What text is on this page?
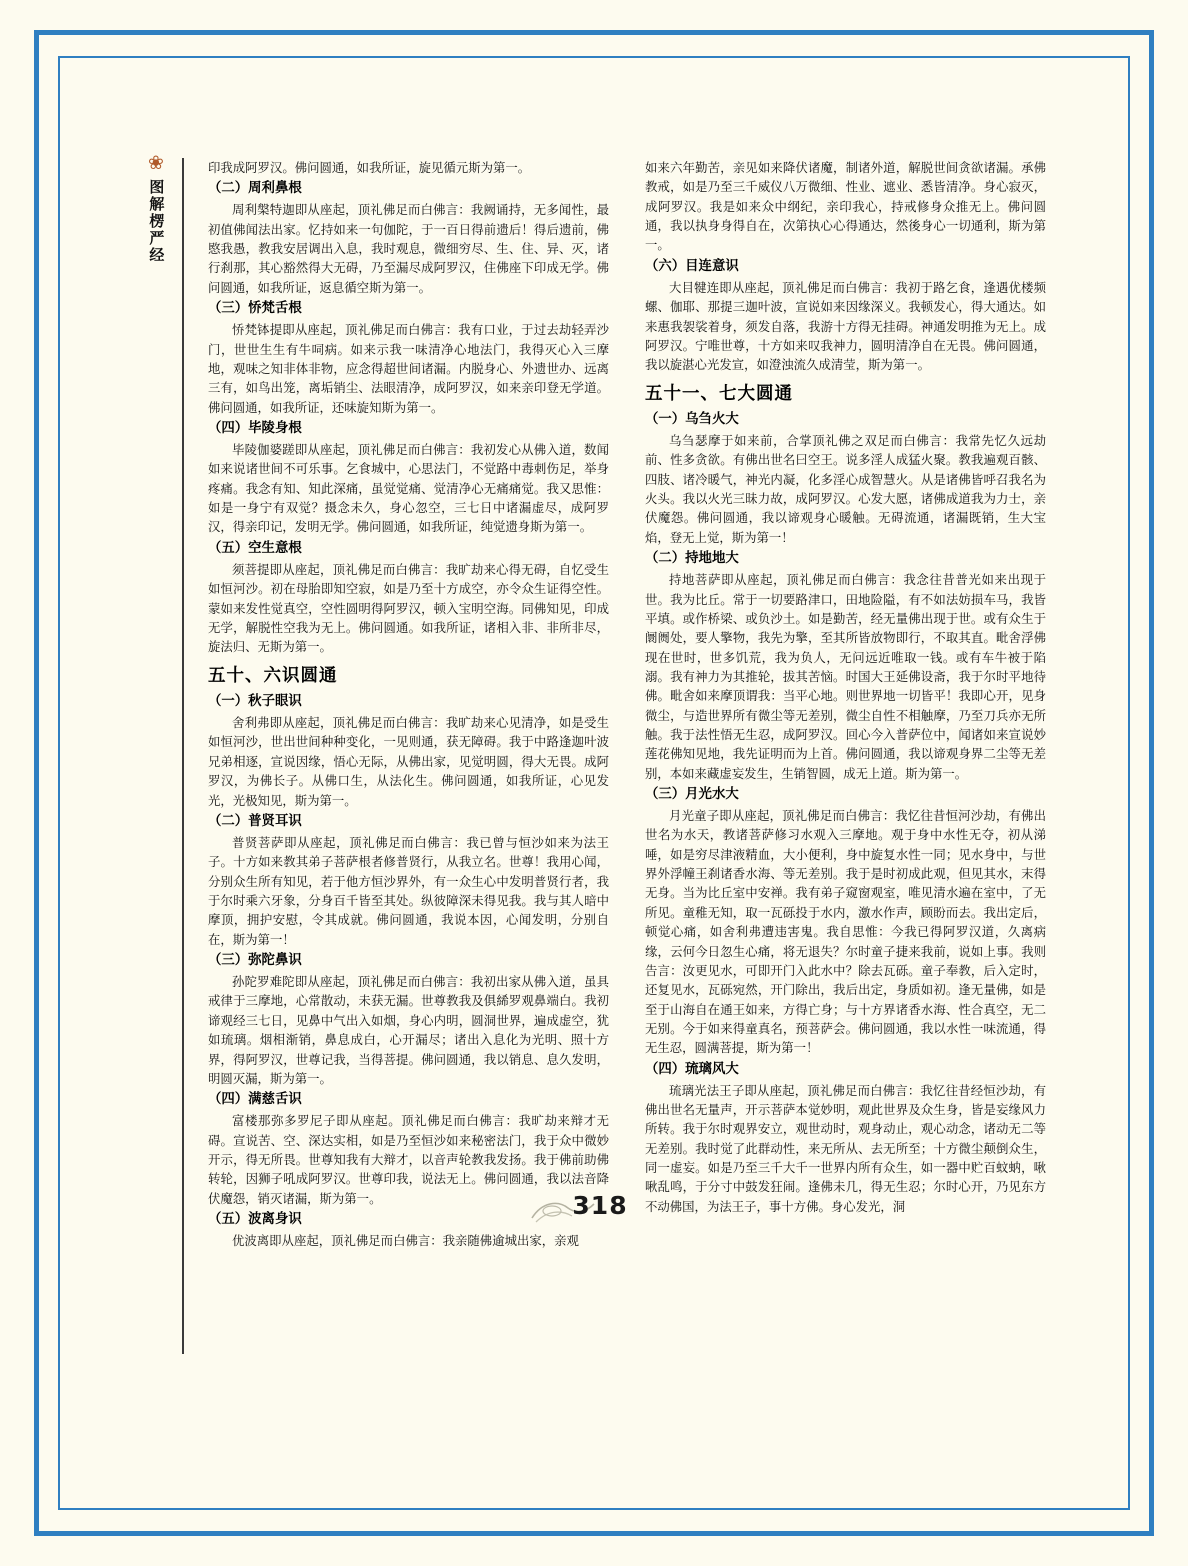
❀
图解楞严经

印我成阿罗汉。佛问圆通，如我所证，旋见循元斯为第一。

（二）周利鼻根

周利槃特迦即从座起，顶礼佛足而白佛言：我阙诵持，无多闻性，最初值佛闻法出家。忆持如来一句伽陀，于一百日得前遗后！得后遗前，佛愍我愚，教我安居调出入息，我时观息，微细穷尽、生、住、异、灭，诸行刹那，其心豁然得大无碍，乃至漏尽成阿罗汉，住佛座下印成无学。佛问圆通，如我所证，返息循空斯为第一。

（三）㤭梵舌根

㤭梵钵提即从座起，顶礼佛足而白佛言：我有口业，于过去劫轻弄沙门，世世生生有牛呞病。如来示我一味清净心地法门，我得灭心入三摩地，观味之知非体非物，应念得超世间诸漏。内脱身心、外遗世办、远离三有，如鸟出笼，离垢销尘、法眼清净，成阿罗汉，如来亲印登无学道。佛问圆通，如我所证，还味旋知斯为第一。

（四）毕陵身根

毕陵伽婆蹉即从座起，顶礼佛足而白佛言：我初发心从佛入道，数闻如来说诸世间不可乐事。乞食城中，心思法门，不觉路中毒刺伤足，举身疼痛。我念有知、知此深痛，虽觉觉痛、觉清净心无痛痛觉。我又思惟：如是一身宁有双觉？摄念未久，身心忽空，三七日中诸漏虚尽，成阿罗汉，得亲印记，发明无学。佛问圆通，如我所证，纯觉遗身斯为第一。

（五）空生意根

须菩提即从座起，顶礼佛足而白佛言：我旷劫来心得无碍，自忆受生如恒河沙。初在母胎即知空寂，如是乃至十方成空，亦令众生证得空性。蒙如来发性觉真空，空性圆明得阿罗汉，顿入宝明空海。同佛知见，印成无学，解脱性空我为无上。佛问圆通。如我所证，诸相入非、非所非尽，旋法归、无斯为第一。

五十、六识圆通
（一）秋子眼识

舍利弗即从座起，顶礼佛足而白佛言：我旷劫来心见清净，如是受生如恒河沙，世出世间种种变化，一见则通，获无障碍。我于中路逢迦叶波兄弟相逐，宣说因缘，悟心无际，从佛出家，见觉明圆，得大无畏。成阿罗汉，为佛长子。从佛口生，从法化生。佛问圆通，如我所证，心见发光，光极知见，斯为第一。

（二）普贤耳识

普贤菩萨即从座起，顶礼佛足而白佛言：我已曾与恒沙如来为法王子。十方如来教其弟子菩萨根者修普贤行，从我立名。世尊！我用心闻，分别众生所有知见，若于他方恒沙界外，有一众生心中发明普贤行者，我于尔时乘六牙象，分身百千皆至其处。纵彼障深未得见我。我与其人暗中摩顶，拥护安慰，令其成就。佛问圆通，我说本因，心闻发明，分别自在，斯为第一！

（三）弥陀鼻识

孙陀罗难陀即从座起，顶礼佛足而白佛言：我初出家从佛入道，虽具戒律于三摩地，心常散动，未获无漏。世尊教我及俱絺罗观鼻端白。我初谛观经三七日，见鼻中气出入如烟，身心内明，圆洞世界，遍成虚空，犹如琉璃。烟相渐销，鼻息成白，心开漏尽；诸出入息化为光明、照十方界，得阿罗汉，世尊记我，当得菩提。佛问圆通，我以销息、息久发明，明圆灭漏，斯为第一。

（四）满慈舌识

富楼那弥多罗尼子即从座起。顶礼佛足而白佛言：我旷劫来辩才无碍。宣说苦、空、深达实相，如是乃至恒沙如来秘密法门，我于众中微妙开示，得无所畏。世尊知我有大辩才，以音声轮教我发扬。我于佛前助佛转轮，因狮子吼成阿罗汉。世尊印我，说法无上。佛问圆通，我以法音降伏魔怨，销灭诸漏，斯为第一。

（五）波离身识

优波离即从座起，顶礼佛足而白佛言：我亲随佛逾城出家，亲观

如来六年勤苦，亲见如来降伏诸魔，制诸外道，解脱世间贪欲诸漏。承佛教戒，如是乃至三千威仪八万微细、性业、遮业、悉皆清净。身心寂灭，成阿罗汉。我是如来众中纲纪，亲印我心，持戒修身众推无上。佛问圆通，我以执身身得自在，次第执心心得通达，然後身心一切通利，斯为第一。

（六）目连意识

大目犍连即从座起，顶礼佛足而白佛言：我初于路乞食，逢遇优楼频螺、伽耶、那提三迦叶波，宣说如来因缘深义。我顿发心，得大通达。如来惠我袈裟着身，须发自落，我游十方得无挂碍。神通发明推为无上。成阿罗汉。宁唯世尊，十方如来叹我神力，圆明清净自在无畏。佛问圆通，我以旋湛心光发宣，如澄浊流久成清莹，斯为第一。

五十一、七大圆通
（一）乌刍火大

乌刍瑟摩于如来前，合掌顶礼佛之双足而白佛言：我常先忆久远劫前、性多贪欲。有佛出世名曰空王。说多淫人成猛火聚。教我遍观百骸、四肢、诸冷暖气，神光内凝，化多淫心成智慧火。从是诸佛皆呼召我名为火头。我以火光三昧力故，成阿罗汉。心发大愿，诸佛成道我为力士，亲伏魔怨。佛问圆通，我以谛观身心暖触。无碍流通，诸漏既销，生大宝焰，登无上觉，斯为第一！

（二）持地地大

持地菩萨即从座起，顶礼佛足而白佛言：我念往昔普光如来出现于世。我为比丘。常于一切要路津口，田地险隘，有不如法妨损车马，我皆平填。或作桥梁、或负沙土。如是勤苦，经无量佛出现于世。或有众生于阛阓处，要人擎物，我先为擎，至其所皆放物即行，不取其直。毗舍浮佛现在世时，世多饥荒，我为负人，无问远近唯取一钱。或有车牛被于陷溺。我有神力为其推轮，拔其苦恼。时国大王延佛设斋，我于尔时平地待佛。毗舍如来摩顶谓我：当平心地。则世界地一切皆平！我即心开，见身微尘，与造世界所有微尘等无差别，微尘自性不相触摩，乃至刀兵亦无所触。我于法性悟无生忍，成阿罗汉。回心今入普萨位中，闻诸如来宣说妙莲花佛知见地，我先证明而为上首。佛问圆通，我以谛观身界二尘等无差别，本如来藏虚妄发生，生销智圆，成无上道。斯为第一。

（三）月光水大

月光童子即从座起，顶礼佛足而白佛言：我忆往昔恒河沙劫，有佛出世名为水天，教诸菩萨修习水观入三摩地。观于身中水性无夺，初从涕唾，如是穷尽津液精血，大小便利，身中旋复水性一同；见水身中，与世界外浮幢王刹诸香水海、等无差别。我于是时初成此观，但见其水，末得无身。当为比丘室中安禅。我有弟子窥窗观室，唯见清水遍在室中，了无所见。童稚无知，取一瓦砾投于水内，激水作声，顾盼而去。我出定后，顿觉心痛，如舍利弗遭违害鬼。我自思惟：今我已得阿罗汉道，久离病缘，云何今日忽生心痛，将无退失？尔时童子捷来我前，说如上事。我则告言：汝更见水，可即开门入此水中？除去瓦砾。童子奉教，后入定时，还复见水，瓦砾宛然，开门除出，我后出定，身质如初。逢无量佛，如是至于山海自在通王如来，方得亡身；与十方界诸香水海、性合真空，无二无别。今于如来得童真名，预菩萨会。佛问圆通，我以水性一味流通，得无生忍，圆满菩提，斯为第一！

（四）琉璃风大

琉璃光法王子即从座起，顶礼佛足而白佛言：我忆往昔经恒沙劫，有佛出世名无量声，开示菩萨本觉妙明，观此世界及众生身，皆是妄缘风力所转。我于尔时观界安立，观世动时，观身动止，观心动念，诸动无二等无差别。我时觉了此群动性，来无所从、去无所至；十方微尘颠倒众生，同一虚妄。如是乃至三千大千一世界内所有众生，如一器中贮百蚊蚋，啾啾乱鸣，于分寸中鼓发狂闹。逢佛未几，得无生忍；尔时心开，乃见东方不动佛国，为法王子，事十方佛。身心发光，洞

318
